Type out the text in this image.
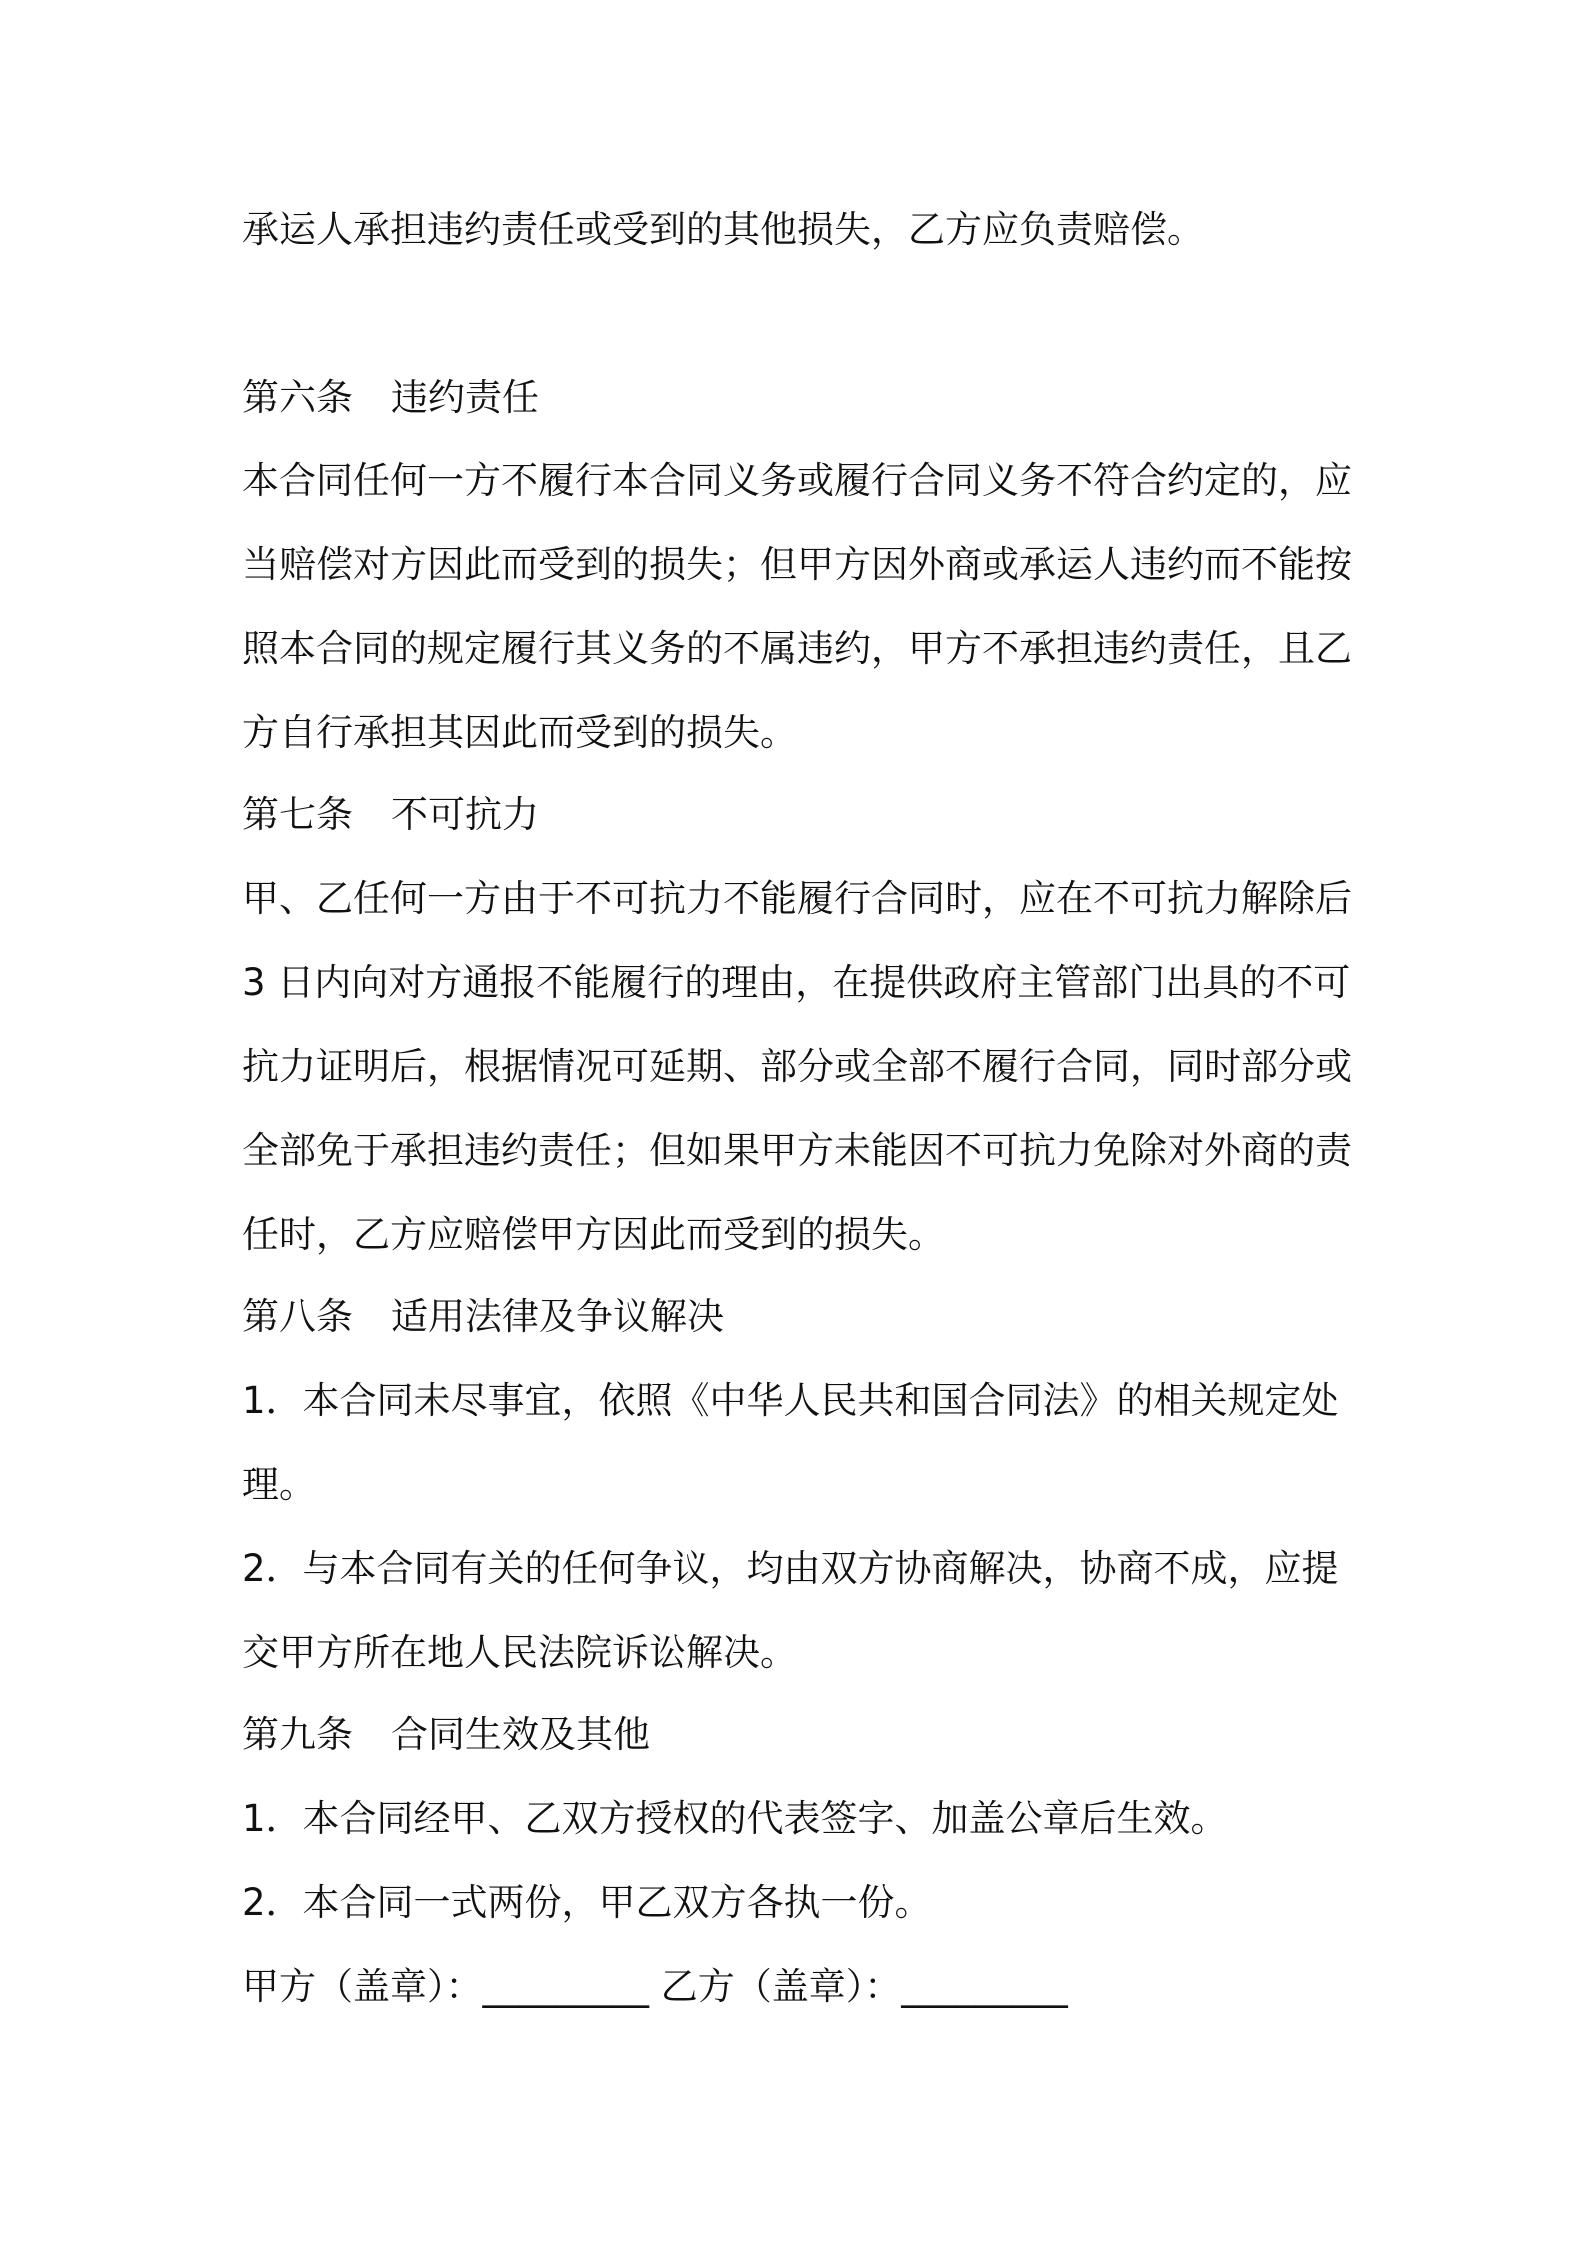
承运人承担违约责任或受到的其他损失，乙方应负责赔偿。
第六条 违约责任
本合同任何一方不履行本合同义务或履行合同义务不符合约定的，应
当赔偿对方因此而受到的损失；但甲方因外商或承运人违约而不能按
照本合同的规定履行其义务的不属违约，甲方不承担违约责任，且乙
方自行承担其因此而受到的损失。
第七条 不可抗力
甲、乙任何一方由于不可抗力不能履行合同时，应在不可抗力解除后
3 日内向对方通报不能履行的理由，在提供政府主管部门出具的不可
抗力证明后，根据情况可延期、部分或全部不履行合同，同时部分或
全部免于承担违约责任；但如果甲方未能因不可抗力免除对外商的责
任时，乙方应赔偿甲方因此而受到的损失。
第八条 适用法律及争议解决
1．本合同未尽事宜，依照《中华人民共和国合同法》的相关规定处
理。
2．与本合同有关的任何争议，均由双方协商解决，协商不成，应提
交甲方所在地人民法院诉讼解决。
第九条 合同生效及其他
1．本合同经甲、乙双方授权的代表签字、加盖公章后生效。
2．本合同一式两份，甲乙双方各执一份。
甲方（盖章）：_________ 乙方（盖章）：_________
